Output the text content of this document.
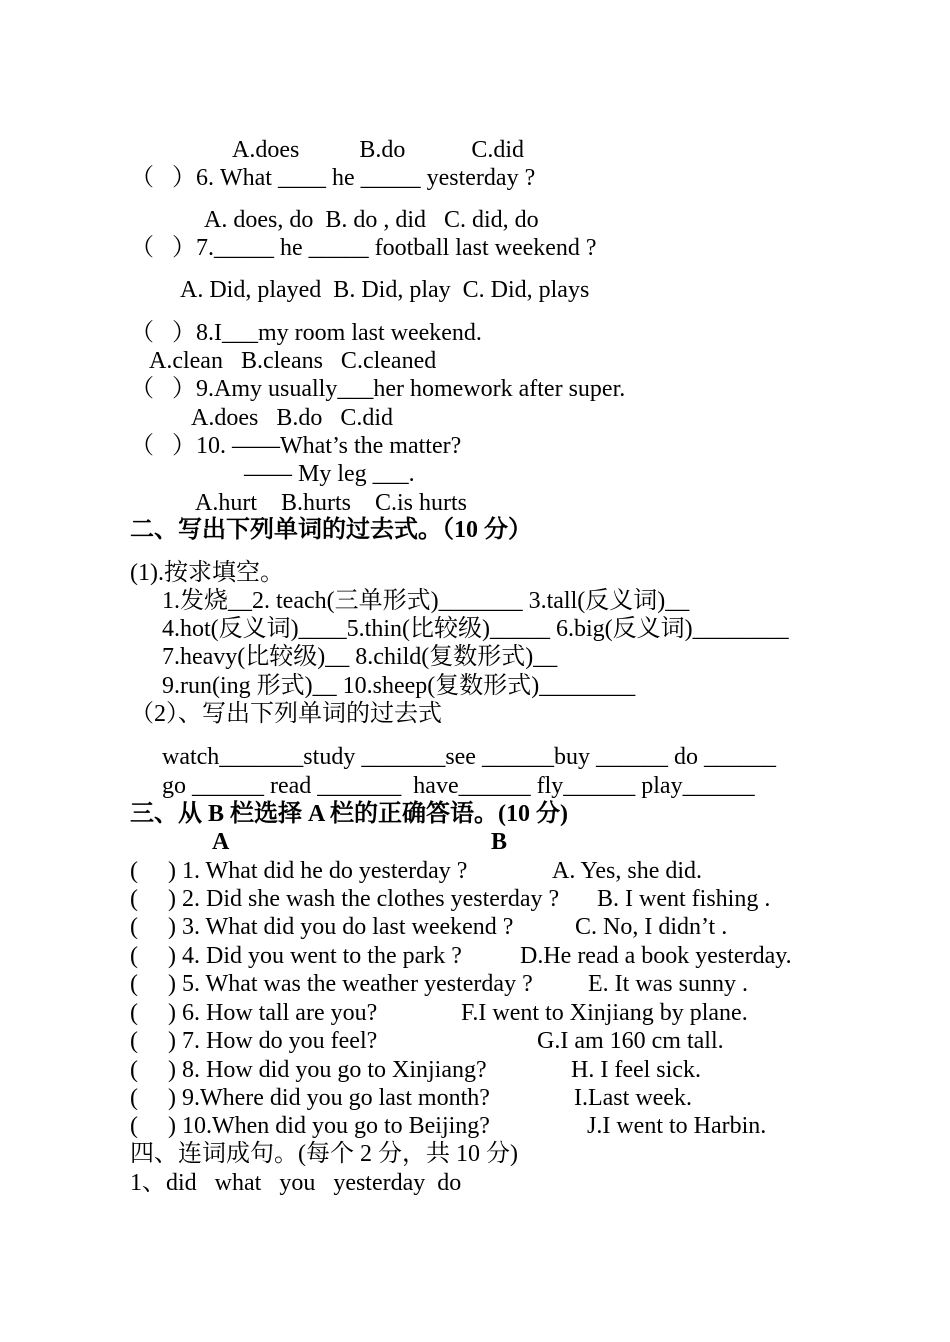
A.does          B.do           C.did
（   ）6. What ____ he _____ yesterday ?
A. does, do  B. do , did   C. did, do
（   ）7._____ he _____ football last weekend ?
A. Did, played  B. Did, play  C. Did, plays
（   ）8.I___my room last weekend.
A.clean   B.cleans   C.cleaned
（   ）9.Amy usually___her homework after super.
A.does   B.do   C.did
（   ）10. ——What’s the matter?
—— My leg ___.
A.hurt    B.hurts    C.is hurts
二、写出下列单词的过去式。（10 分）
(1).按求填空。
1.发烧__2. teach(三单形式)_______ 3.tall(反义词)__
4.hot(反义词)____5.thin(比较级)_____ 6.big(反义词)________
7.heavy(比较级)__ 8.child(复数形式)__
9.run(ing 形式)__ 10.sheep(复数形式)________
（2）、写出下列单词的过去式
watch_______study _______see ______buy ______ do ______
go ______ read _______  have______ fly______ play______
三、从 B 栏选择 A 栏的正确答语。(10 分)
A	B
(     ) 1. What did he do yesterday ?	A. Yes, she did.
(     ) 2. Did she wash the clothes yesterday ? B. I went fishing .
(     ) 3. What did you do last weekend ?	C. No, I didn’t .
(     ) 4. Did you went to the park ? D.He read a book yesterday.
(     ) 5. What was the weather yesterday ? E. It was sunny .
(     ) 6. How tall are you?	F.I went to Xinjiang by plane.
(     ) 7. How do you feel?	G.I am 160 cm tall.
(     ) 8. How did you go to Xinjiang?	H. I feel sick.
(     ) 9.Where did you go last month?	I.Last week.
(     ) 10.When did you go to Beijing?	J.I went to Harbin.
四、连词成句。(每个 2 分，共 10 分)
1、did   what   you   yesterday  do
